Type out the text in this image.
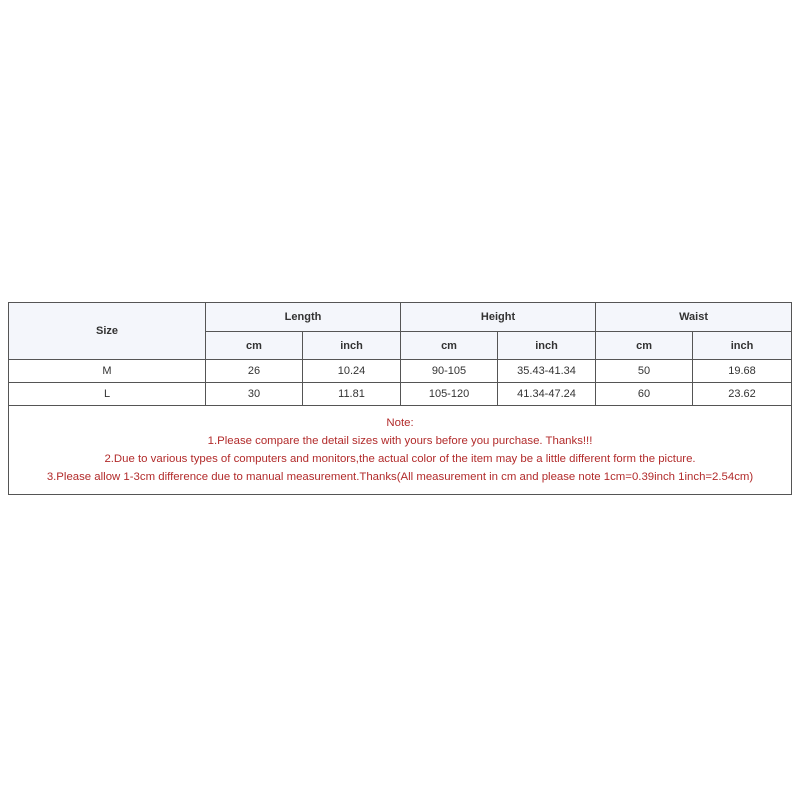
Size	Length		Height		Waist	
	cm	inch	cm	inch	cm	inch
M	26	10.24	90-105	35.43-41.34	50	19.68
L	30	11.81	105-120	41.34-47.24	60	23.62

Note:
1.Please compare the detail sizes with yours before you purchase. Thanks!!!
2.Due to various types of computers and monitors,the actual color of the item may be a little different form the picture.
3.Please allow 1-3cm difference due to manual measurement.Thanks(All measurement in cm and please note 1cm=0.39inch 1inch=2.54cm)						
